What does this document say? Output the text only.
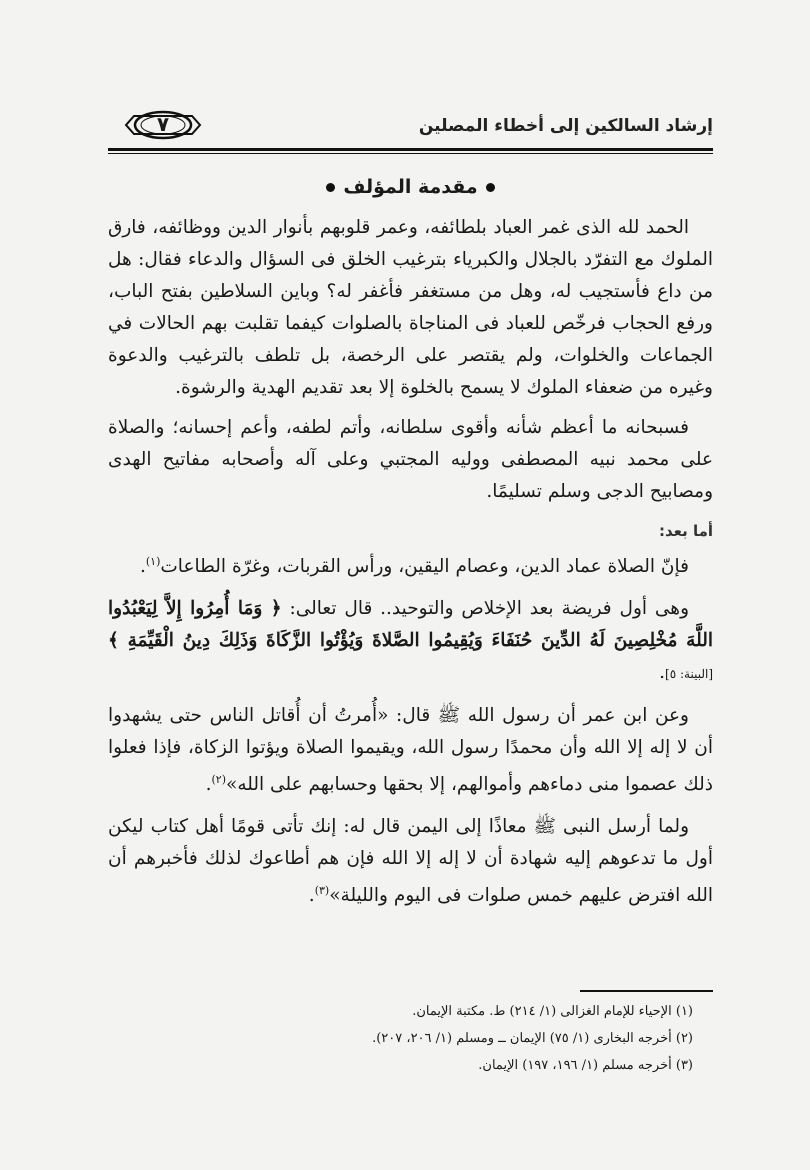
إرشاد السالكين إلى أخطاء المصلين
٧
مقدمة المؤلف

الحمد لله الذى غمر العباد بلطائفه، وعمر قلوبهم بأنوار الدين ووظائفه، فارق الملوك مع التفرّد بالجلال والكبرياء بترغيب الخلق فى السؤال والدعاء فقال: هل من داع فأستجيب له، وهل من مستغفر فأغفر له؟ وباين السلاطين بفتح الباب، ورفع الحجاب فرخّص للعباد فى المناجاة بالصلوات كيفما تقلبت بهم الحالات في الجماعات والخلوات، ولم يقتصر على الرخصة، بل تلطف بالترغيب والدعوة وغيره من ضعفاء الملوك لا يسمح بالخلوة إلا بعد تقديم الهدية والرشوة.

فسبحانه ما أعظم شأنه وأقوى سلطانه، وأتم لطفه، وأعم إحسانه؛ والصلاة على محمد نبيه المصطفى ووليه المجتبي وعلى آله وأصحابه مفاتيح الهدى ومصابيح الدجى وسلم تسليمًا.

أما بعد:

فإنّ الصلاة عماد الدين، وعصام اليقين، ورأس القربات، وغرّة الطاعات$^{(١)}$.

وهى أول فريضة بعد الإخلاص والتوحيد.. قال تعالى: ﴿ وَمَا أُمِرُوا إِلاَّ لِيَعْبُدُوا اللَّهَ مُخْلِصِينَ لَهُ الدِّينَ حُنَفَاءَ وَيُقِيمُوا الصَّلاةَ وَيُؤْتُوا الزَّكَاةَ وَذَلِكَ دِينُ الْقَيِّمَةِ ﴾ [البينة: ٥].

وعن ابن عمر أن رسول الله ﷺ قال: «أُمرتُ أن أُقاتل الناس حتى يشهدوا أن لا إله إلا الله وأن محمدًا رسول الله، ويقيموا الصلاة ويؤتوا الزكاة، فإذا فعلوا ذلك عصموا منى دماءهم وأموالهم، إلا بحقها وحسابهم على الله»$^{(٢)}$.

ولما أرسل النبى ﷺ معاذًا إلى اليمن قال له: إنك تأتى قومًا أهل كتاب ليكن أول ما تدعوهم إليه شهادة أن لا إله إلا الله فإن هم أطاعوك لذلك فأخبرهم أن الله افترض عليهم خمس صلوات فى اليوم والليلة»$^{(٣)}$.

(١) الإحياء للإمام الغزالى (١/ ٢١٤) ط. مكتبة الإيمان.
(٢) أخرجه البخارى (١/ ٧٥) الإيمان ــ ومسلم (١/ ٢٠٦، ٢٠٧).
(٣) أخرجه مسلم (١/ ١٩٦، ١٩٧) الإيمان.
